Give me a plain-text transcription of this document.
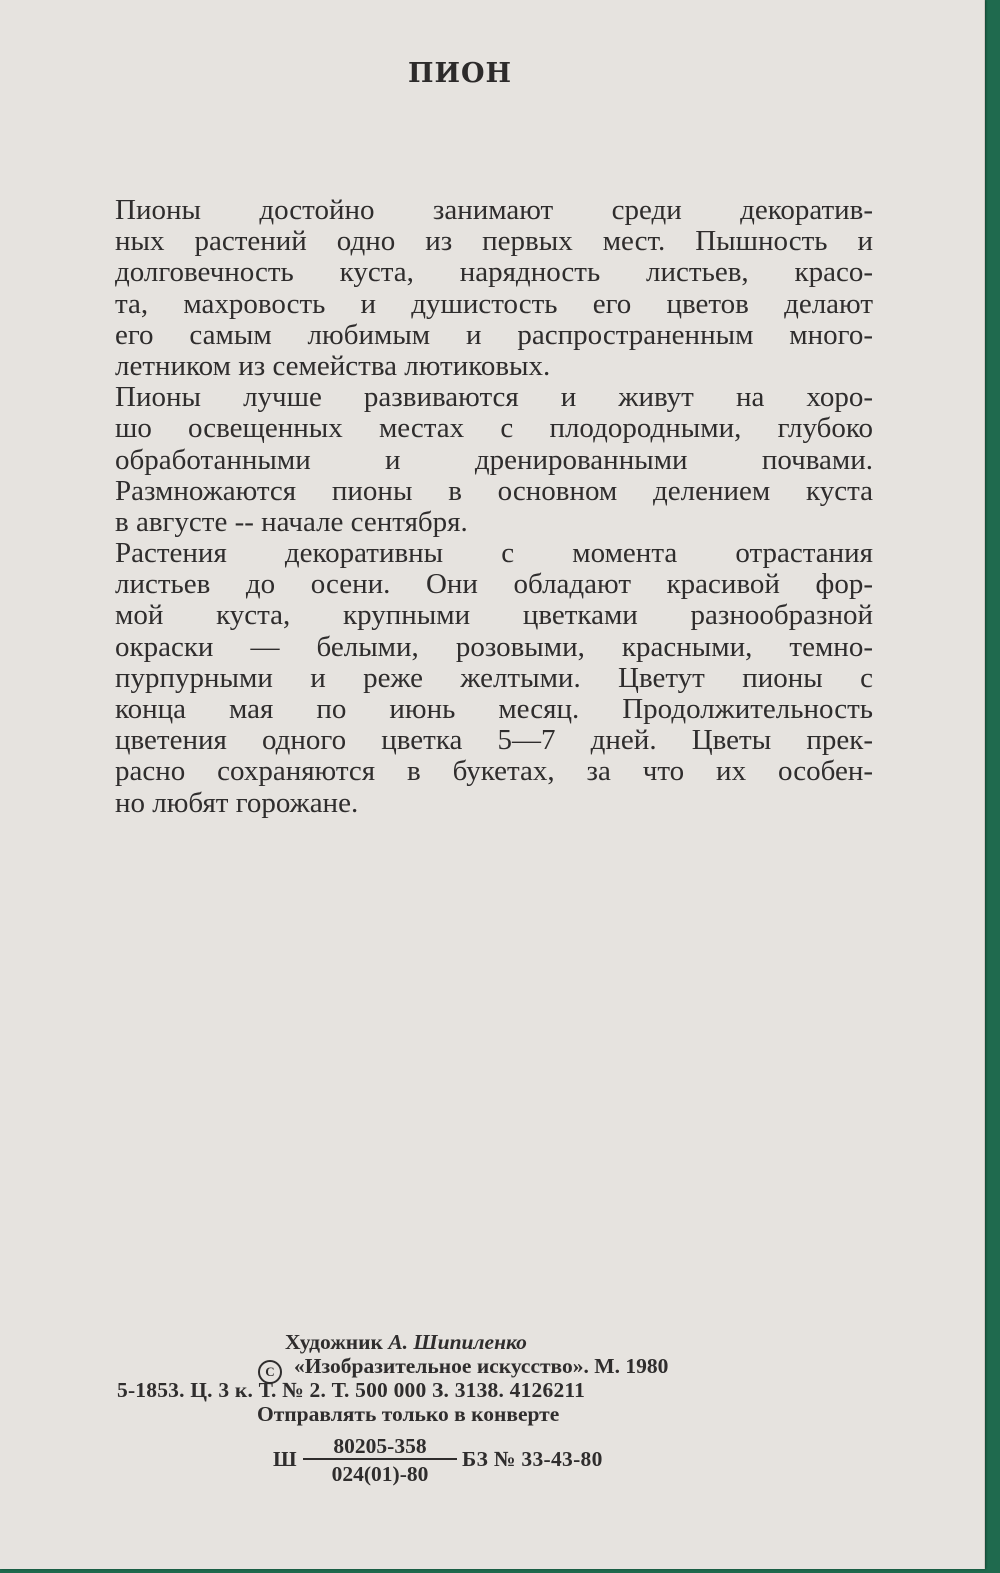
ПИОН
Пионы достойно занимают среди декоратив-
ных растений одно из первых мест. Пышность и
долговечность куста, нарядность листьев, красо-
та, махровость и душистость его цветов делают
его самым любимым и распространенным много-
летником из семейства лютиковых.
Пионы лучше развиваются и живут на хоро-
шо освещенных местах с плодородными, глубоко
обработанными и дренированными почвами.
Размножаются пионы в основном делением куста
в августе -- начале сентября.
Растения декоративны с момента отрастания
листьев до осени. Они обладают красивой фор-
мой куста, крупными цветками разнообразной
окраски — белыми, розовыми, красными, темно-
пурпурными и реже желтыми. Цветут пионы с
конца мая по июнь месяц. Продолжительность
цветения одного цветка 5—7 дней. Цветы прек-
расно сохраняются в букетах, за что их особен-
но любят горожане.
Художник А. Шипиленко
С «Изобразительное искусство». М. 1980
5-1853. Ц. 3 к. Т. № 2. Т. 500 000 З. 3138. 4126211
Отправлять только в конверте
Ш
80205-358
024(01)-80
БЗ № 33-43-80
